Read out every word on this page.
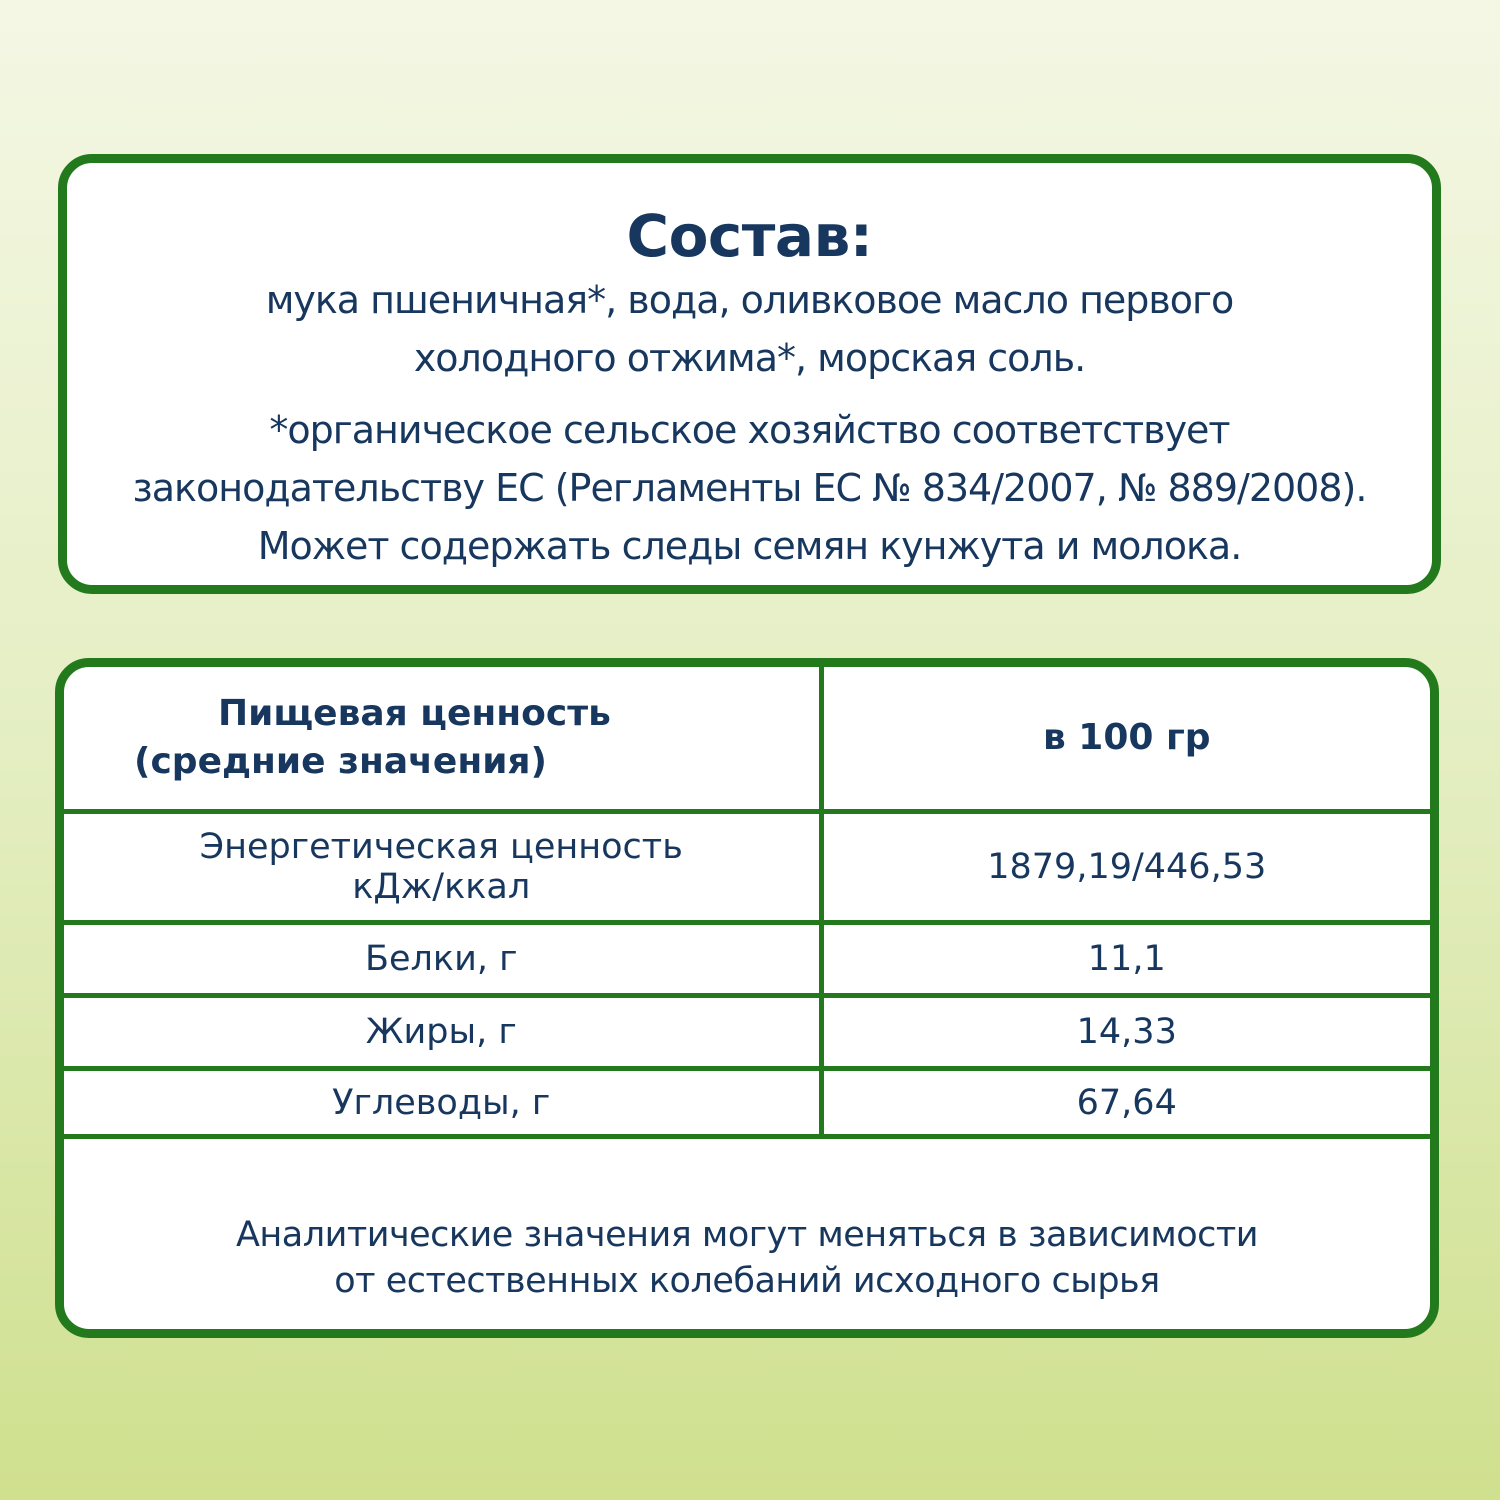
Состав:

мука пшеничная*, вода, оливковое масло первого холодного отжима*, морская соль.

*органическое сельское хозяйство соответствует
законодательству ЕС (Регламенты ЕС № 834/2007, № 889/2008).
Может содержать следы семян кунжута и молока.

Пищевая ценность
(средние значения)	в 100 гр

Энергетическая ценность
кДж/ккал	1879,19/446,53
Белки, г	11,1
Жиры, г	14,33
Углеводы, г	67,64
Аналитические значения могут меняться в зависимости
от естественных колебаний исходного сырья
